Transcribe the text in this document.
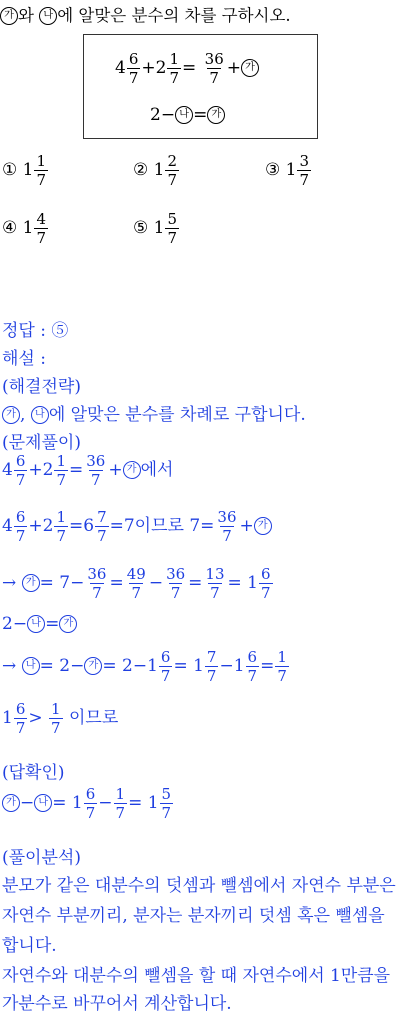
가 와 나 에 알맞은 분수의 차를 구하시오.
$4 \frac{6}{7} +2 \frac{1}{7} = \frac{36}{7}$ + 가
2− 나 = 가
① $1 \frac{1}{7}$	② $1 \frac{2}{7}$	③ $1 \frac{3}{7}$
④ $1 \frac{4}{7}$	⑤ $1 \frac{5}{7}$
정답 : ⑤
해설 :
(해결전략)
가 , 나 에 알맞은 분수를 차례로 구합니다.
(문제풀이)
$4 \frac{6}{7} +2 \frac{1}{7} = \frac{36}{7}$ + 가 에서
$4 \frac{6}{7} +2 \frac{1}{7} =6 \frac{7}{7} =7$이므로 $7= \frac{36}{7}$ + 가
→ 가 = $7- \frac{36}{7} = \frac{49}{7} - \frac{36}{7} = \frac{13}{7} = 1 \frac{6}{7}$
2− 나 = 가
→ 나 = 2− 가 = $2-1 \frac{6}{7} = 1 \frac{7}{7} -1 \frac{6}{7} = \frac{1}{7}$
$1 \frac{6}{7} > \frac{1}{7}$ 이므로
(답확인)
가 − 나 = $1 \frac{6}{7} - \frac{1}{7} = 1 \frac{5}{7}$
(풀이분석)
분모가 같은 대분수의 덧셈과 뺄셈에서 자연수 부분은
자연수 부분끼리, 분자는 분자끼리 덧셈 혹은 뺄셈을
합니다.
자연수와 대분수의 뺄셈을 할 때 자연수에서 1만큼을
가분수로 바꾸어서 계산합니다.
